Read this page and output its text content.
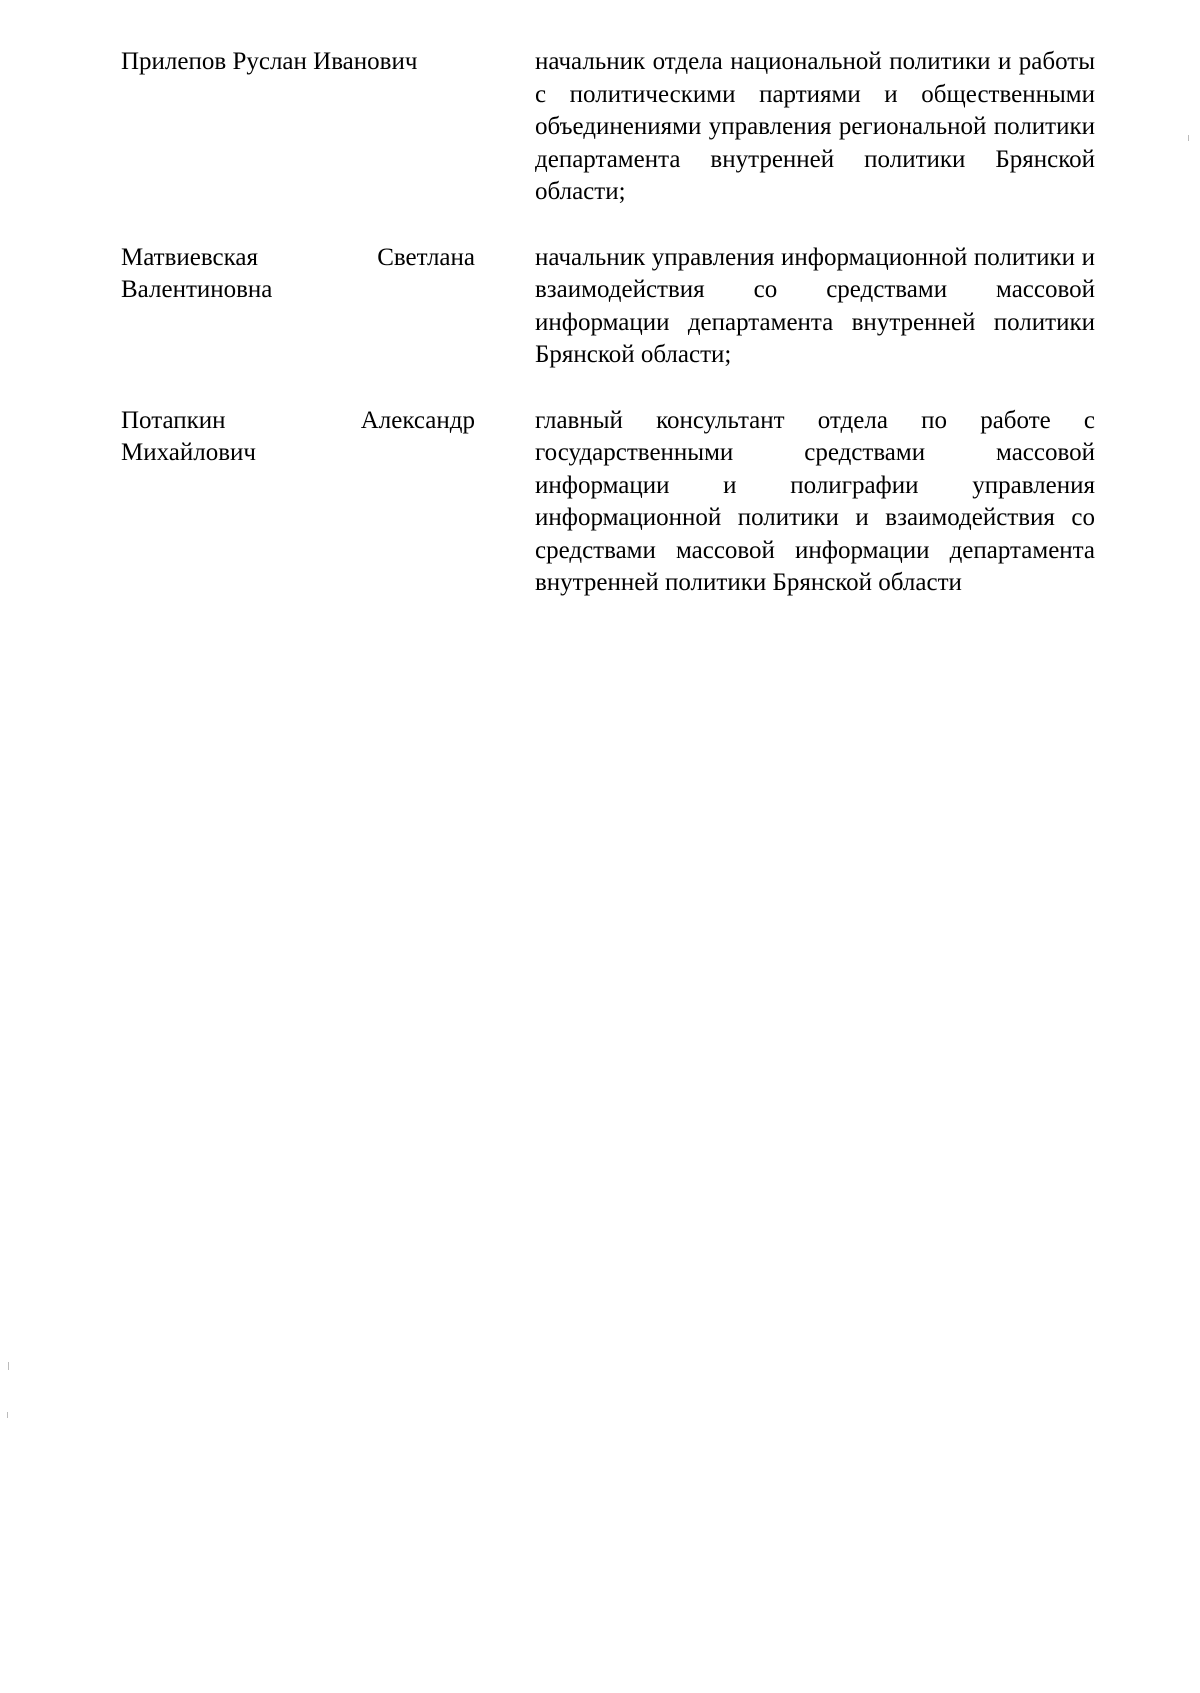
Прилепов Руслан Иванович	начальник отдела национальной политики и работы с политическими партиями и общественными объединениями управления региональной политики департамента внутренней политики Брянской области;
Матвиевская Светлана Валентиновна
начальник управления информационной политики и взаимодействия со средствами массовой информации департамента внутренней политики Брянской области;
Потапкин Александр Михайлович
главный консультант отдела по работе с государственными средствами массовой информации и полиграфии управления информационной политики и взаимодействия со средствами массовой информации департамента внутренней политики Брянской области
